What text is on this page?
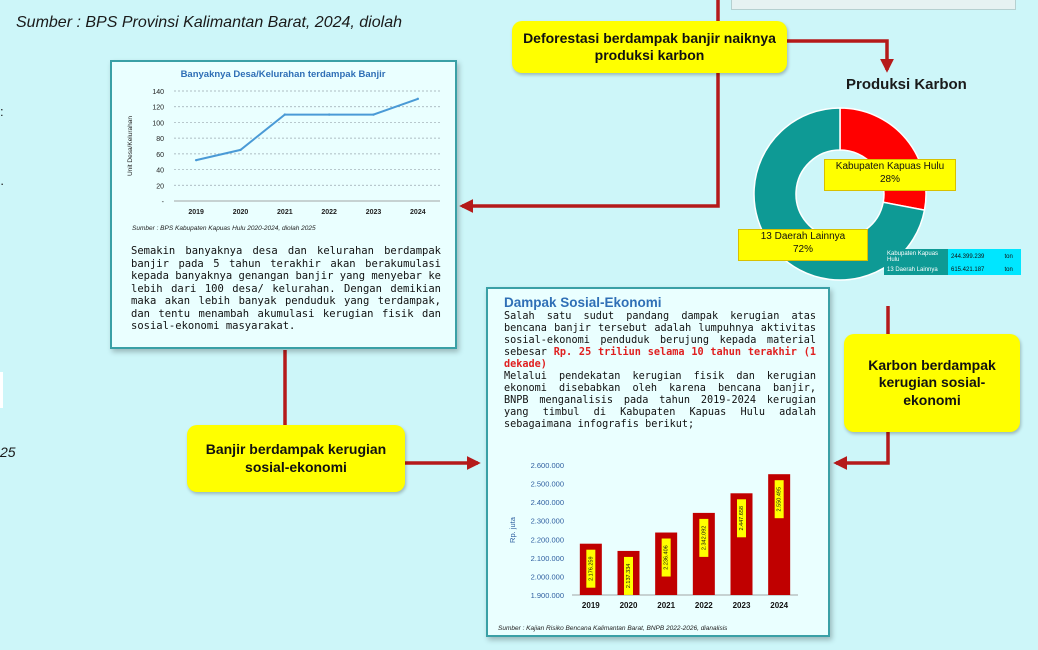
Sumber : BPS Provinsi Kalimantan Barat, 2024, diolah
:
·
25
Deforestasi berdampak banjir naiknya produksi karbon
Banyaknya Desa/Kelurahan terdampak Banjir
-
20
40
60
80
100
120
140
2019	2020	2021	2022	2023	2024
Unit Desa/Kelurahan
Sumber : BPS Kabupaten Kapuas Hulu 2020-2024, diolah 2025
Semakin banyaknya desa dan kelurahan berdampak banjir pada 5 tahun terakhir akan berakumulasi kepada banyaknya genangan banjir yang menyebar ke lebih dari 100 desa/ kelurahan. Dengan demikian maka akan lebih banyak penduduk yang terdampak, dan tentu menambah akumulasi kerugian fisik dan sosial-ekonomi masyarakat.
Produksi Karbon
Kabupaten Kapuas Hulu
28%
13 Daerah Lainnya
72%	Kabupaten Kapuas Hulu	244.399.239	ton
13 Daerah Lainnya	615.421.187	ton
Karbon berdampak kerugian sosial-ekonomi
Banjir berdampak kerugian sosial-ekonomi
Dampak Sosial-Ekonomi
Salah satu sudut pandang dampak kerugian atas bencana banjir tersebut adalah lumpuhnya aktivitas sosial-ekonomi penduduk berujung kepada material sebesar Rp. 25 triliun selama 10 tahun terakhir (1 dekade)
Melalui pendekatan kerugian fisik dan kerugian ekonomi disebabkan oleh karena bencana banjir, BNPB menganalisis pada tahun 2019-2024 kerugian yang timbul di Kabupaten Kapuas Hulu adalah sebagaimana infografis berikut;
1.900.000
2.000.000
2.100.000
2.200.000
2.300.000
2.400.000
2.500.000
2.600.000
Rp. juta
2.176.259
2019
2.137.334
2020
2.236.406
2021
2.342.092
2022
2.447.658
2023
2.550.495
2024
Sumber : Kajian Risiko Bencana Kalimantan Barat, BNPB 2022-2026, dianalisis
